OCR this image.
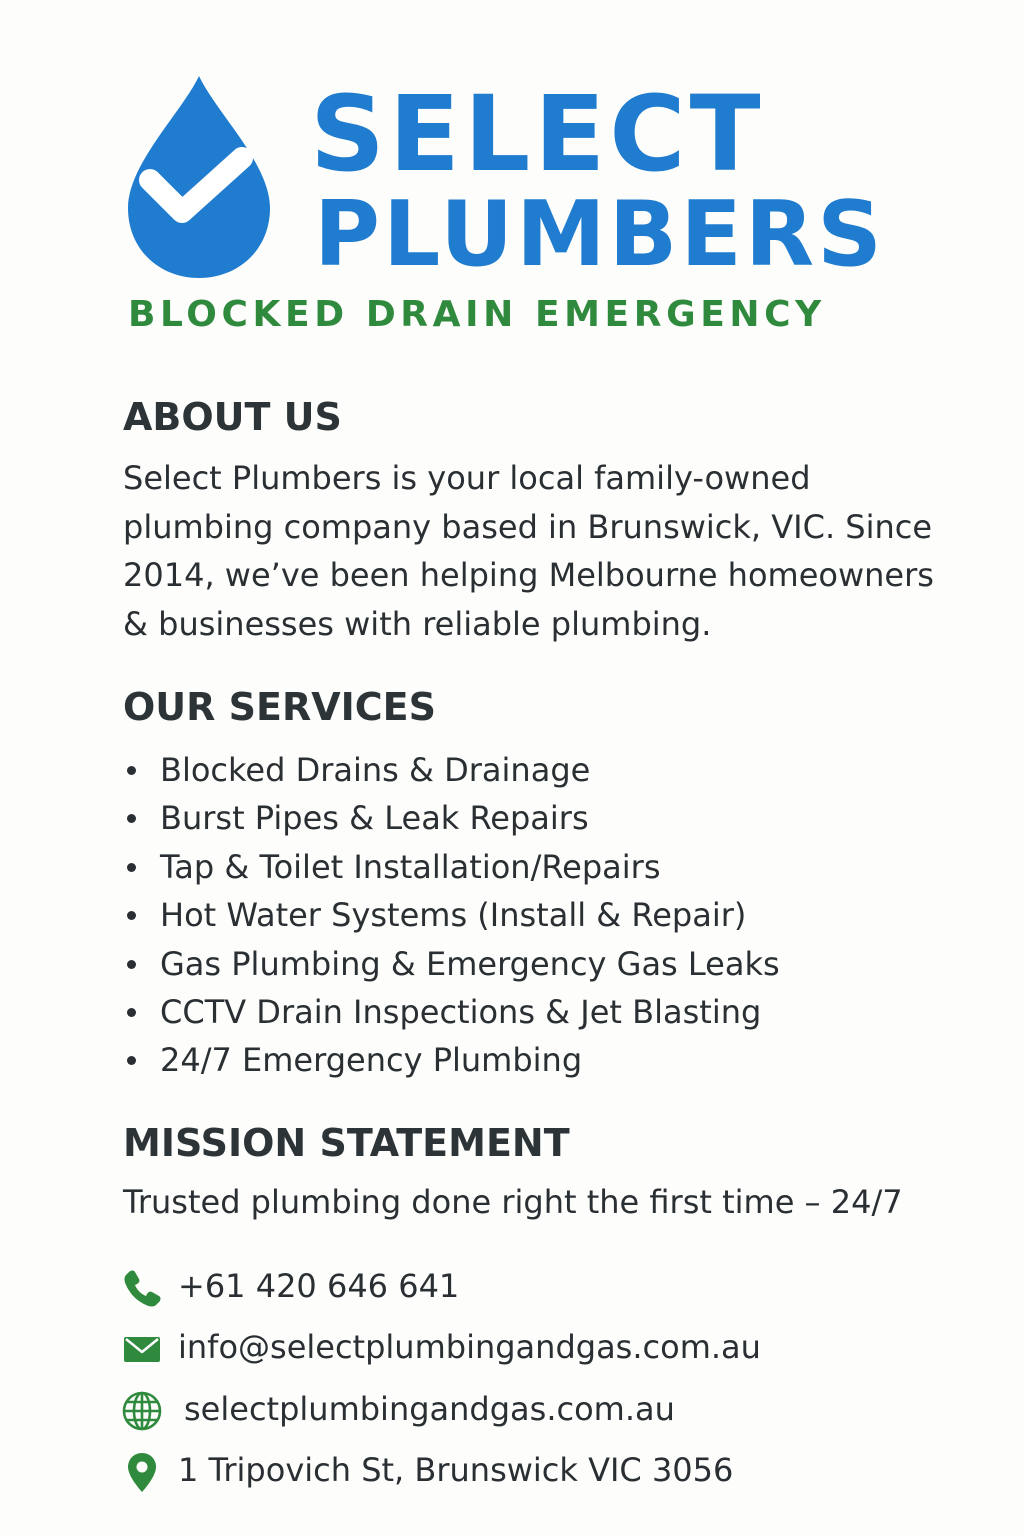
SELECT
PLUMBERS

BLOCKED DRAIN EMERGENCY

ABOUT US

Select Plumbers is your local family-owned plumbing company based in Brunswick, VIC. Since 2014, we’ve been helping Melbourne homeowners & businesses with reliable plumbing.

OUR SERVICES
Blocked Drains & Drainage
Burst Pipes & Leak Repairs
Tap & Toilet Installation/Repairs
Hot Water Systems (Install & Repair)
Gas Plumbing & Emergency Gas Leaks
CCTV Drain Inspections & Jet Blasting
24/7 Emergency Plumbing
MISSION STATEMENT

Trusted plumbing done right the first time – 24/7

+61 420 646 641
info@selectplumbingandgas.com.au
selectplumbingandgas.com.au
1 Tripovich St, Brunswick VIC 3056
